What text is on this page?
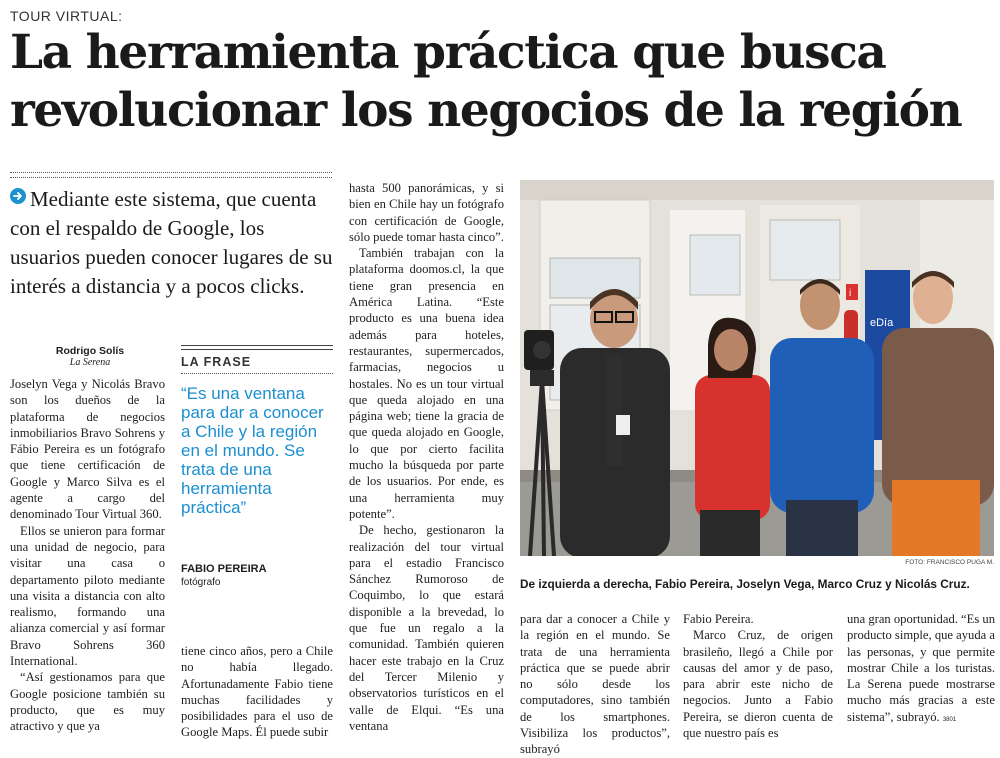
TOUR VIRTUAL:
La herramienta práctica que busca
revolucionar los negocios de la región
Mediante este sistema, que cuenta con el respaldo de Google, los usuarios pueden conocer lugares de su interés a distancia y a pocos clicks.
Rodrigo Solís
La Serena

Joselyn Vega y Nicolás Bravo son los dueños de la plataforma de negocios inmobiliarios Bravo Sohrens y Fábio Pereira es un fotógrafo que tiene certificación de Google y Marco Silva es el agente a cargo del denominado Tour Virtual 360.

Ellos se unieron para formar una unidad de negocio, para visitar una casa o departamento piloto mediante una visita a distancia con alto realismo, formando una alianza comercial y así formar Bravo Sohrens 360 International.

“Así gestionamos para que Google posicione también su producto, que es muy atractivo y que ya

LA FRASE
“Es una ventana para dar a conocer a Chile y la región en el mundo. Se trata de una herramienta práctica”
FABIO PEREIRA
fotógrafo

tiene cinco años, pero a Chile no había llegado. Afortunadamente Fabio tiene muchas facilidades y posibilidades para el uso de Google Maps. Él puede subir

hasta 500 panorámicas, y si bien en Chile hay un fotógrafo con certificación de Google, sólo puede tomar hasta cinco”.

También trabajan con la plataforma doomos.cl, la que tiene gran presencia en América Latina. “Este producto es una buena idea además para hoteles, restaurantes, supermercados, farmacias, negocios u hostales. No es un tour virtual que queda alojado en una página web; tiene la gracia de que queda alojado en Google, lo que por cierto facilita mucho la búsqueda por parte de los usuarios. Por ende, es una herramienta muy potente”.

De hecho, gestionaron la realización del tour virtual para el estadio Francisco Sánchez Rumoroso de Coquimbo, lo que estará disponible a la brevedad, lo que fue un regalo a la comunidad. También quieren hacer este trabajo en la Cruz del Tercer Milenio y observatorios turísticos en el valle de Elqui. “Es una ventana

eDía
i
FOTO: FRANCISCO PUGA M.
De izquierda a derecha, Fabio Pereira, Joselyn Vega, Marco Cruz y Nicolás Cruz.

para dar a conocer a Chile y la región en el mundo. Se trata de una herramienta práctica que se puede abrir no sólo desde los computadores, sino también de los smartphones. Visibiliza los productos”, subrayó

Fabio Pereira.

Marco Cruz, de origen brasileño, llegó a Chile por causas del amor y de paso, para abrir este nicho de negocios. Junto a Fabio Pereira, se dieron cuenta de que nuestro país es

una gran oportunidad. “Es un producto simple, que ayuda a las personas, y que permite mostrar Chile a los turistas. La Serena puede mostrarse mucho más gracias a este sistema”, subrayó. 3801
